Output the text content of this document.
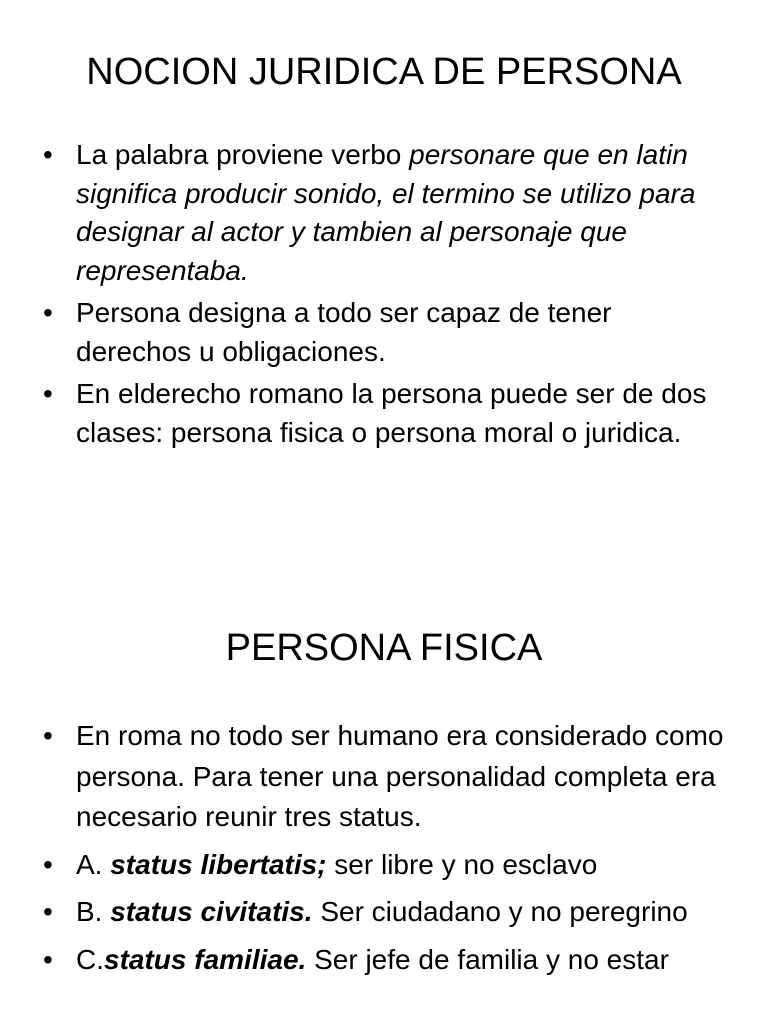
NOCION JURIDICA DE PERSONA
• La palabra proviene verbo personare que en latin significa producir sonido, el termino se utilizo para designar al actor y tambien al personaje que representaba.
• Persona designa a todo ser capaz de tener derechos u obligaciones.
• En elderecho romano la persona puede ser de dos clases: persona fisica o persona moral o juridica.
PERSONA FISICA
• En roma no todo ser humano era considerado como persona. Para tener una personalidad completa era necesario reunir tres status.
• A. status libertatis; ser libre y no esclavo
• B. status civitatis. Ser ciudadano y no peregrino
• C.status familiae. Ser jefe de familia y no estar
